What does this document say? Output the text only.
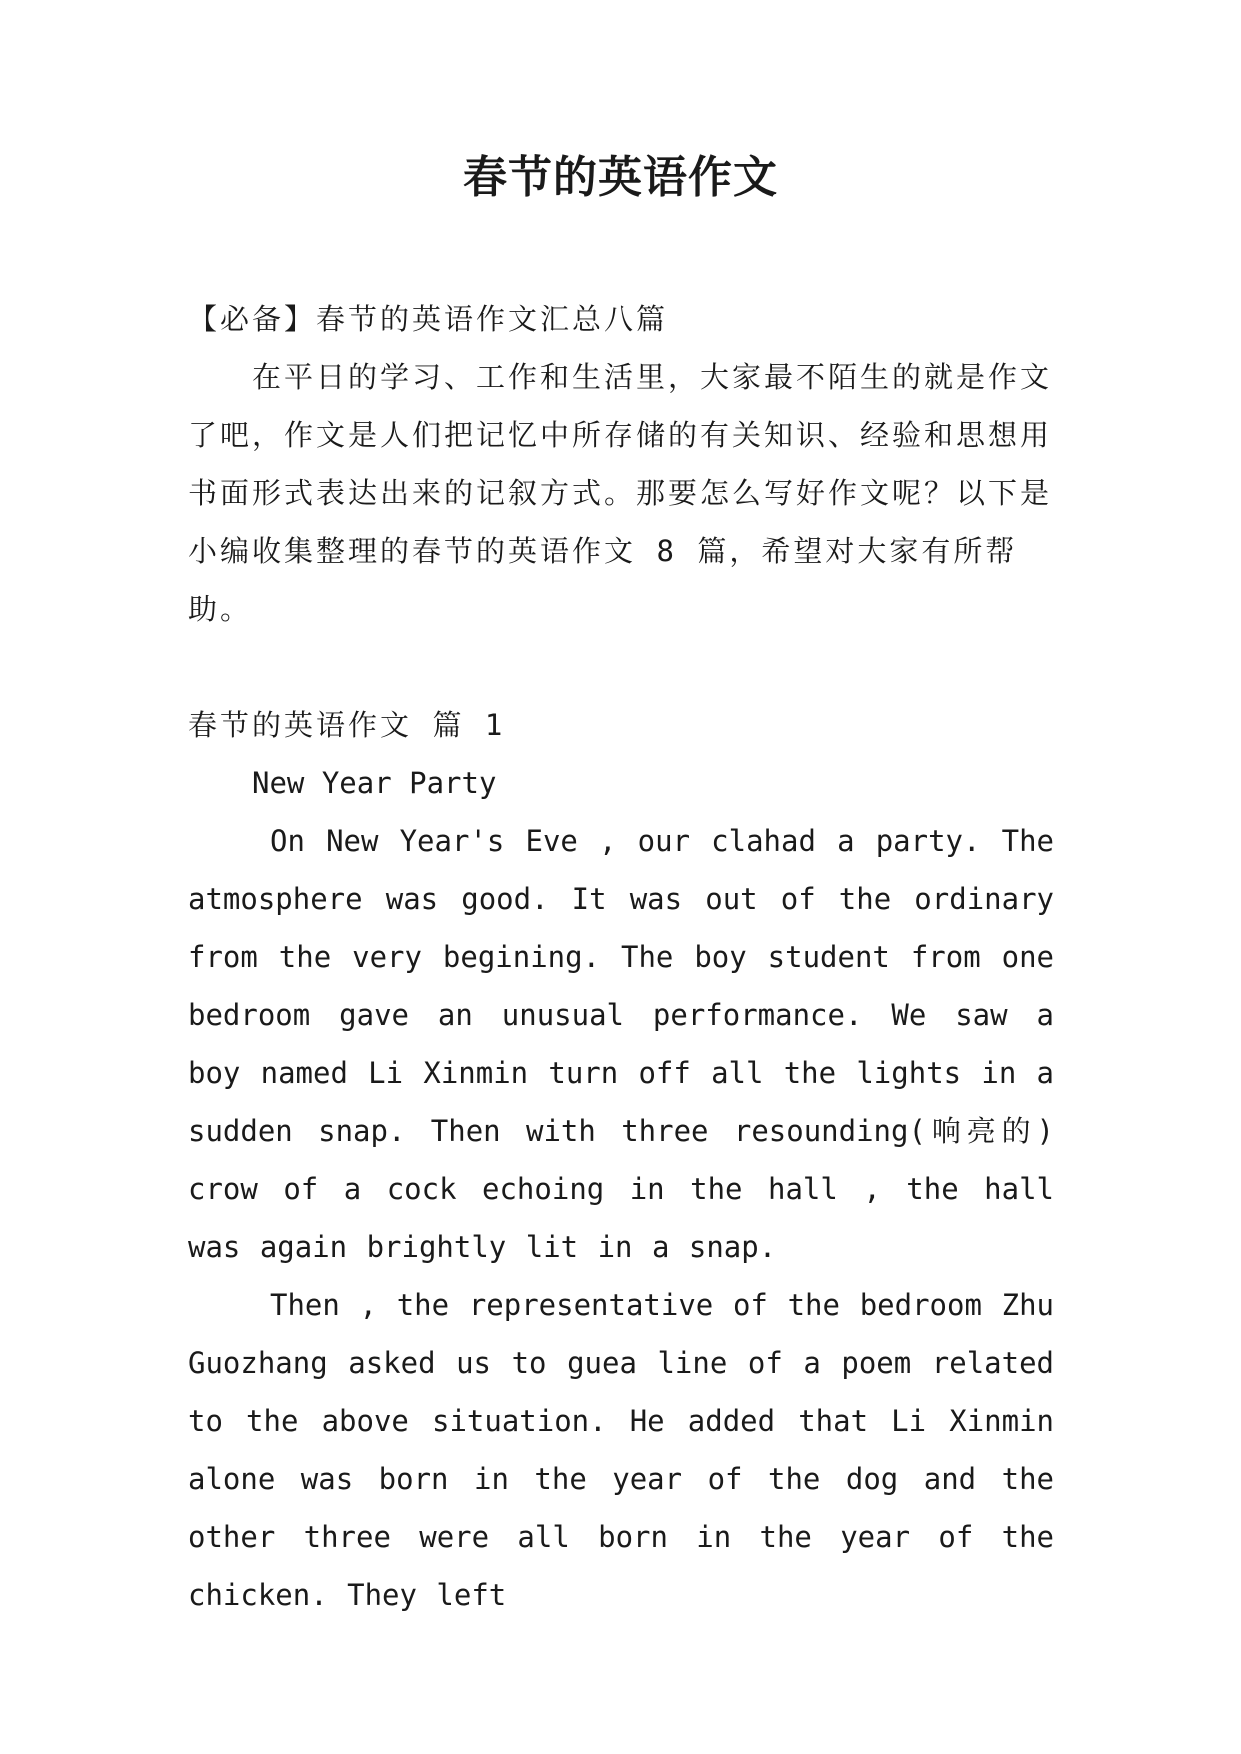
春节的英语作文

【必备】春节的英语作文汇总八篇

在平日的学习、工作和生活里，大家最不陌生的就是作文了吧，作文是人们把记忆中所存储的有关知识、经验和思想用书面形式表达出来的记叙方式。那要怎么写好作文呢？以下是小编收集整理的春节的英语作文 8 篇，希望对大家有所帮助。

春节的英语作文 篇 1

New Year Party

On New Year's Eve , our clahad a party. The atmosphere was good. It was out of the ordinary from the very begining. The boy student from one bedroom gave an unusual performance. We saw a boy named Li Xinmin turn off all the lights in a sudden snap. Then with three resounding(响亮的) crow of a cock echoing in the hall , the hall was again brightly lit in a snap.

Then , the representative of the bedroom Zhu Guozhang asked us to guea line of a poem related to the above situation. He added that Li Xinmin alone was born in the year of the dog and the other three were all born in the year of the chicken. They left
